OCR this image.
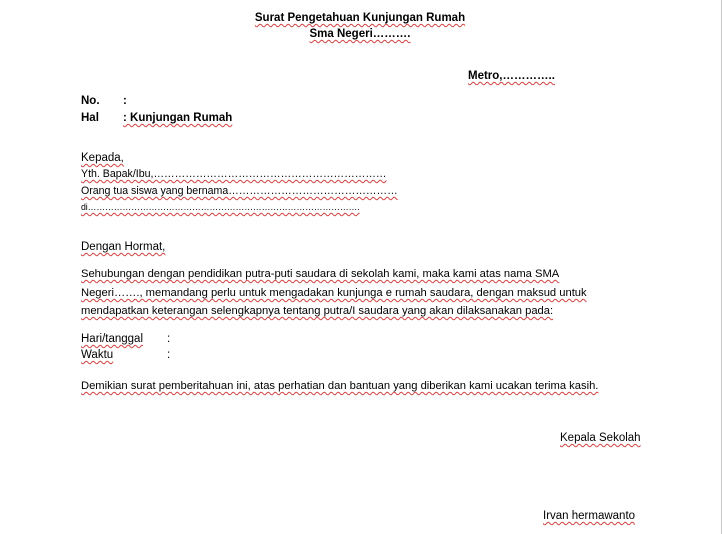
Surat Pengetahuan Kunjungan Rumah
Sma Negeri……….
Metro,…………..
No. :
Hal : Kunjungan Rumah
Kepada,
Yth. Bapak/Ibu,…………………………………………………………
Orang tua siswa yang bernama…………………………………………
di………………………………………………………………………………….
Dengan Hormat,
Sehubungan dengan pendidikan putra-puti saudara di sekolah kami, maka kami atas nama SMA
Negeri……., memandang perlu untuk mengadakan kunjunga e rumah saudara, dengan maksud untuk
mendapatkan keterangan selengkapnya tentang putra/I saudara yang akan dilaksanakan pada:
Hari/tanggal :
Waktu	:
Demikian surat pemberitahuan ini, atas perhatian dan bantuan yang diberikan kami ucakan terima kasih.
Kepala Sekolah
Irvan hermawanto
